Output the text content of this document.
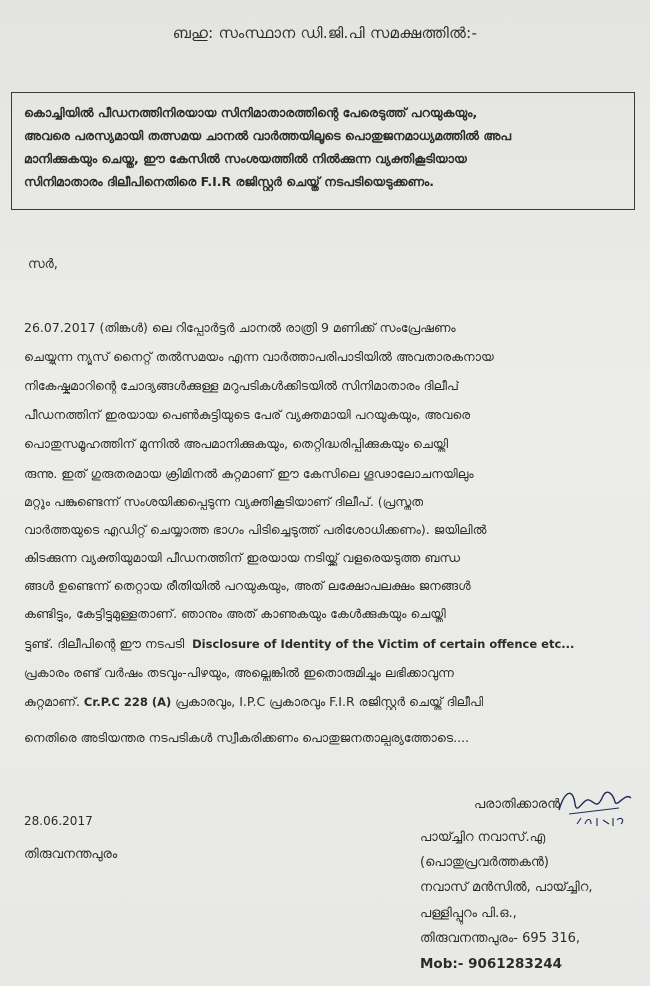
ബഹു: സംസ്ഥാന ഡി.ജി.പി സമക്ഷത്തിൽ:-
കൊച്ചിയിൽ പീഡനത്തിനിരയായ സിനിമാതാരത്തിന്റെ പേരെടുത്ത് പറയുകയും,
അവരെ പരസ്യമായി തത്സമയ ചാനൽ വാർത്തയിലൂടെ പൊതുജനമാധ്യമത്തിൽ അപ
മാനിക്കുകയും ചെയ്ത, ഈ കേസിൽ സംശയത്തിൽ നിൽക്കുന്ന വ്യക്തികൂടിയായ
സിനിമാതാരം ദിലീപിനെതിരെ F.I.R രജിസ്റ്റർ ചെയ്ത് നടപടിയെടുക്കണം.
സർ,
26.07.2017 (തിങ്കൾ) ലെ റിപ്പോർട്ടർ ചാനൽ രാത്രി 9 മണിക്ക് സംപ്രേഷണം
ചെയ്യുന്ന ന്യൂസ് നൈറ്റ് തൽസമയം എന്ന വാർത്താപരിപാടിയിൽ അവതാരകനായ
നികേഷ്കുമാറിന്റെ ചോദ്യങ്ങൾക്കുള്ള മറുപടികൾക്കിടയിൽ സിനിമാതാരം ദിലീപ്
പീഡനത്തിന് ഇരയായ പെൺകുട്ടിയുടെ പേര് വ്യക്തമായി പറയുകയും, അവരെ
പൊതുസമൂഹത്തിന് മുന്നിൽ അപമാനിക്കുകയും, തെറ്റിദ്ധരിപ്പിക്കുകയും ചെയ്തി
രുന്നു. ഇത് ഗുരുതരമായ ക്രിമിനൽ കുറ്റമാണ് ഈ കേസിലെ ഗൂഢാലോചനയിലും
മറ്റും പങ്കുണ്ടെന്ന് സംശയിക്കപ്പെടുന്ന വ്യക്തികൂടിയാണ് ദിലീപ്. (പ്രസ്തുത
വാർത്തയുടെ എഡിറ്റ് ചെയ്യാത്ത ഭാഗം പിടിച്ചെടുത്ത് പരിശോധിക്കണം). ജയിലിൽ
കിടക്കുന്ന വ്യക്തിയുമായി പീഡനത്തിന് ഇരയായ നടിയ്ക്ക് വളരെയടുത്ത ബന്ധ
ങ്ങൾ ഉണ്ടെന്ന് തെറ്റായ രീതിയിൽ പറയുകയും, അത് ലക്ഷോപലക്ഷം ജനങ്ങൾ
കണ്ടിട്ടും, കേട്ടിട്ടുമുള്ളതാണ്. ഞാനും അത് കാണുകയും കേൾക്കുകയും ചെയ്തി
ട്ടുണ്ട്. ദിലീപിന്റെ ഈ നടപടി Disclosure of Identity of the Victim of certain offence etc...
പ്രകാരം രണ്ട് വർഷം തടവും-പിഴയും, അല്ലെങ്കിൽ ഇതൊരുമിച്ചും ലഭിക്കാവുന്ന
കുറ്റമാണ്. Cr.P.C 228 (A) പ്രകാരവും, I.P.C പ്രകാരവും F.I.R രജിസ്റ്റർ ചെയ്ത് ദിലീപി
നെതിരെ അടിയന്തര നടപടികൾ സ്വീകരിക്കണം പൊതുജനതാല്പര്യത്തോടെ....
28.06.2017
തിരുവനന്തപുരം
പരാതിക്കാരൻ
പായ്ച്ചിറ നവാസ്.എ
(പൊതുപ്രവർത്തകൻ)
നവാസ് മൻസിൽ, പായ്ച്ചിറ,
പള്ളിപ്പുറം പി.ഒ.,
തിരുവനന്തപുരം- 695 316,
Mob:- 9061283244
